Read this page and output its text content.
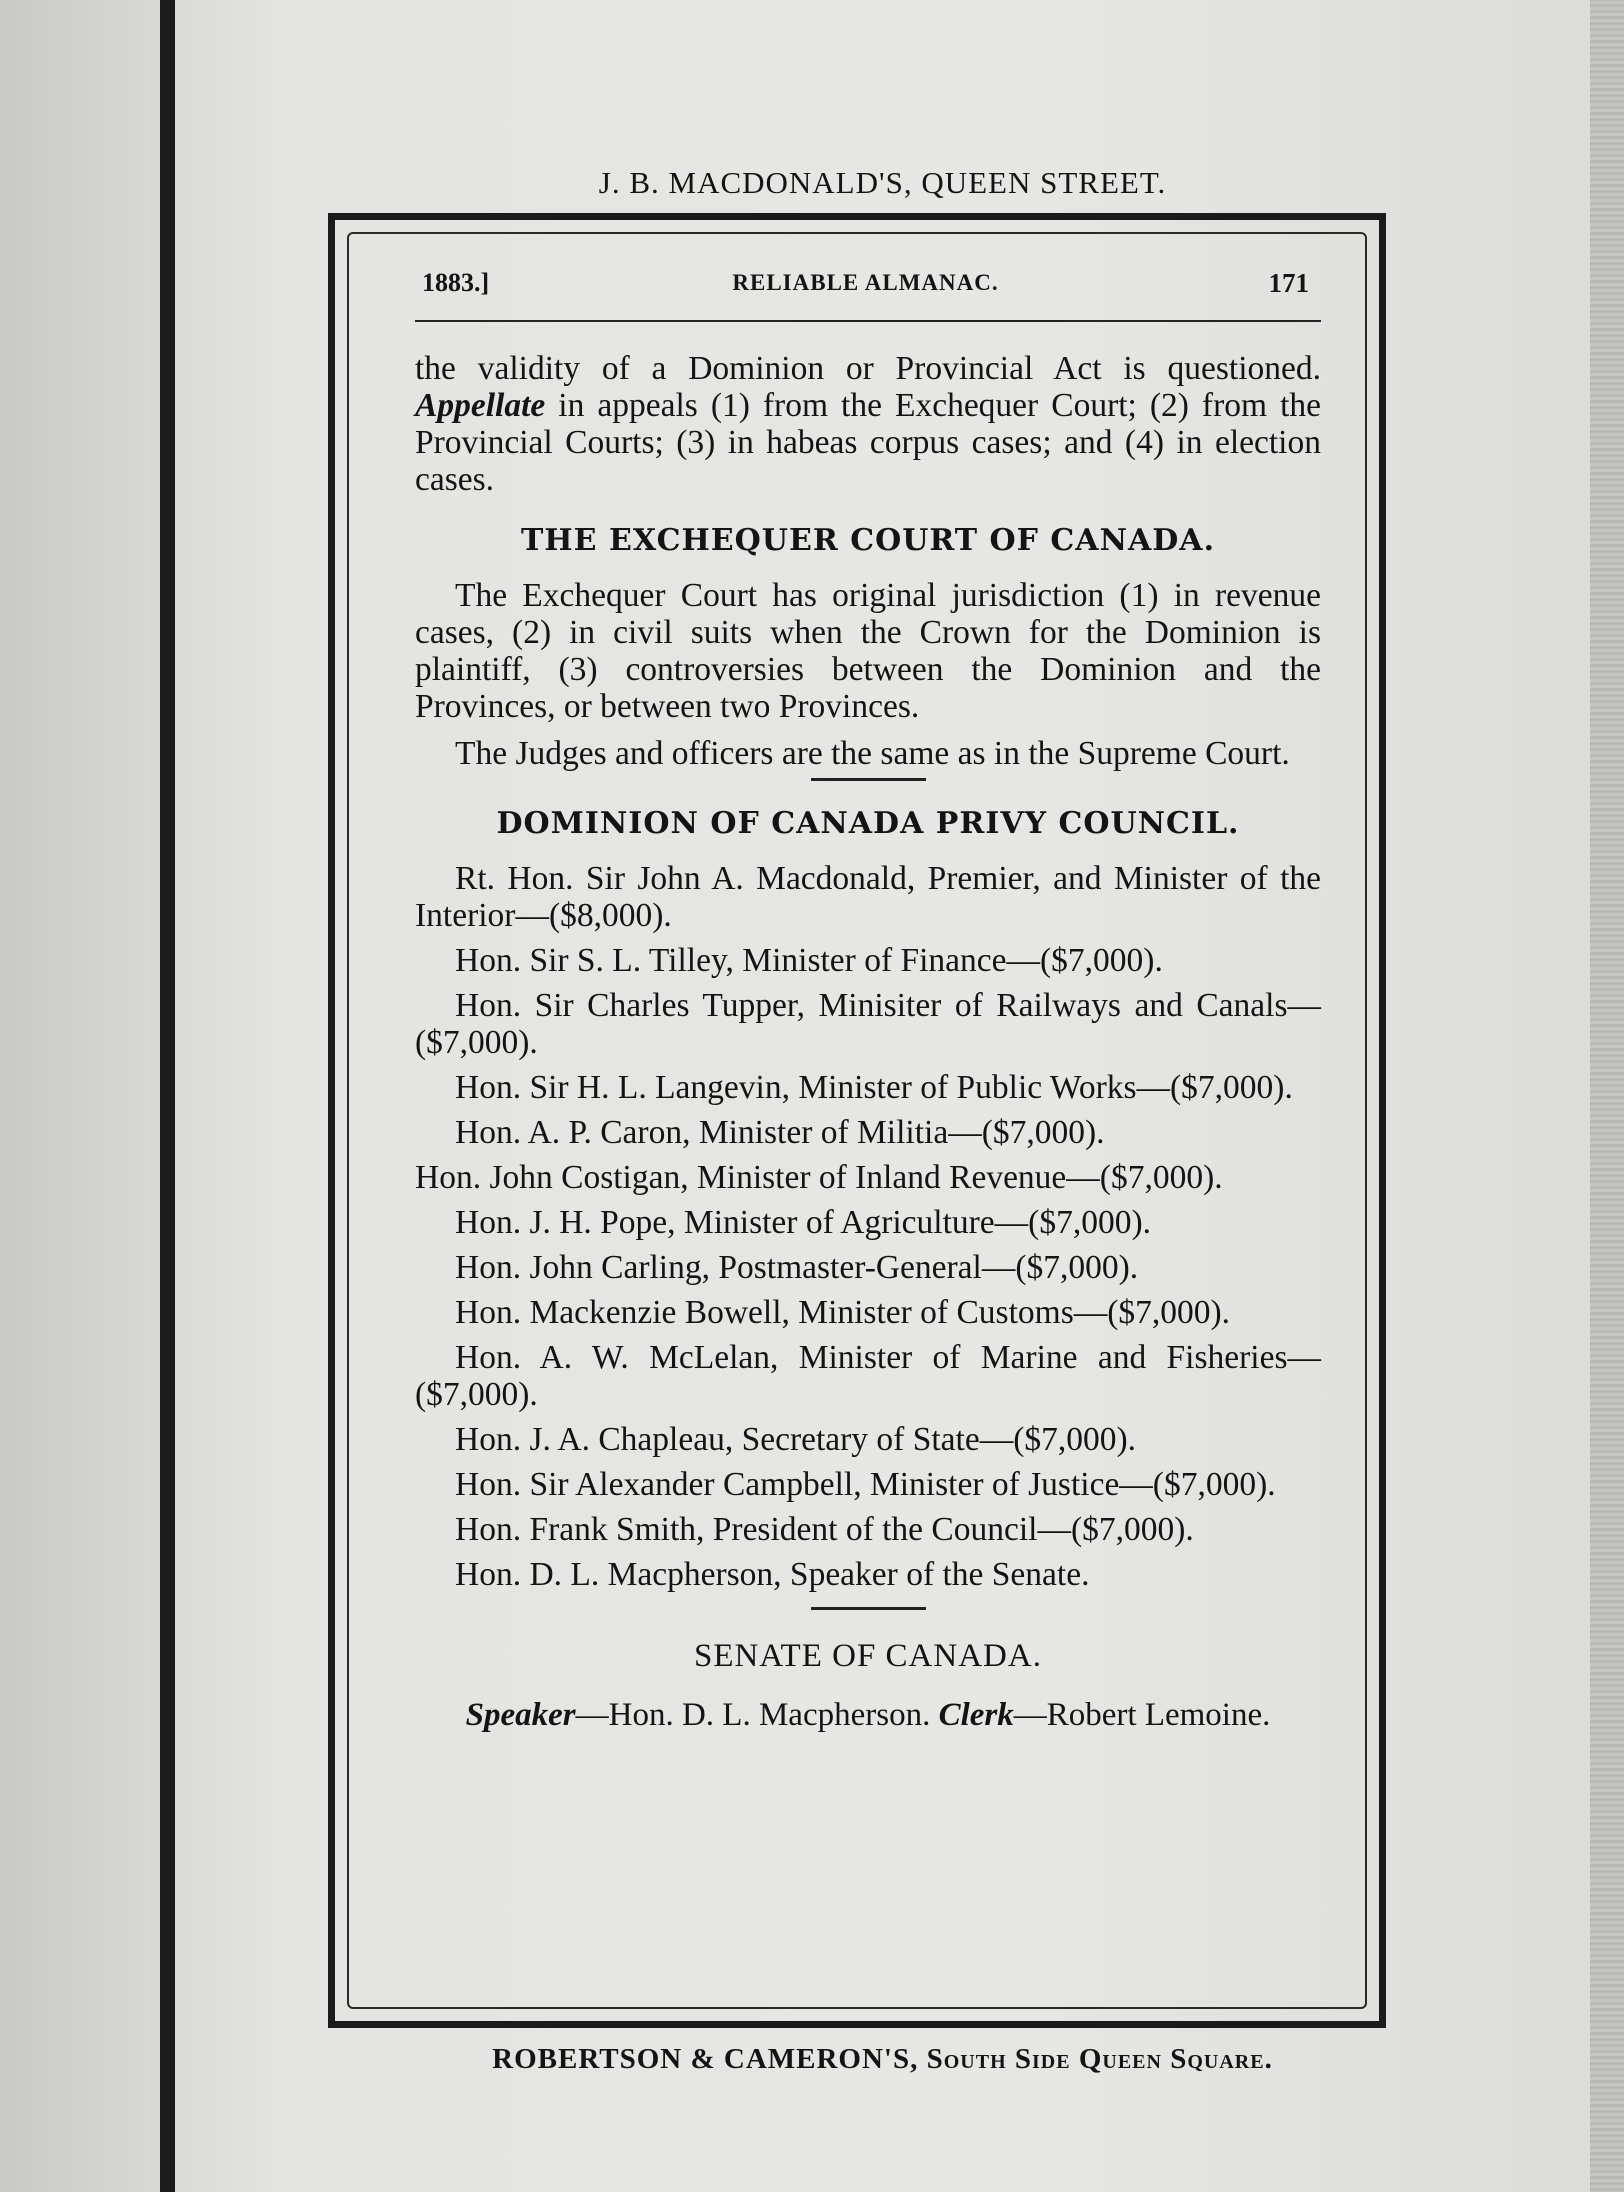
J. B. MACDONALD'S, QUEEN STREET.
1883.]	RELIABLE ALMANAC.	171

the validity of a Dominion or Provincial Act is questioned. Appellate in appeals (1) from the Exchequer Court; (2) from the Provincial Courts; (3) in habeas corpus cases; and (4) in election cases.

THE EXCHEQUER COURT OF CANADA.

The Exchequer Court has original jurisdiction (1) in revenue cases, (2) in civil suits when the Crown for the Dominion is plaintiff, (3) controversies between the Dominion and the Provinces, or between two Provinces.

The Judges and officers are the same as in the Supreme Court.

DOMINION OF CANADA PRIVY COUNCIL.

Rt. Hon. Sir John A. Macdonald, Premier, and Minister of the Interior—($8,000).

Hon. Sir S. L. Tilley, Minister of Finance—($7,000).

Hon. Sir Charles Tupper, Minisiter of Railways and Canals—($7,000).

Hon. Sir H. L. Langevin, Minister of Public Works—($7,000).

Hon. A. P. Caron, Minister of Militia—($7,000).

Hon. John Costigan, Minister of Inland Revenue—($7,000).

Hon. J. H. Pope, Minister of Agriculture—($7,000).

Hon. John Carling, Postmaster-General—($7,000).

Hon. Mackenzie Bowell, Minister of Customs—($7,000).

Hon. A. W. McLelan, Minister of Marine and Fisheries—($7,000).

Hon. J. A. Chapleau, Secretary of State—($7,000).

Hon. Sir Alexander Campbell, Minister of Justice—($7,000).

Hon. Frank Smith, President of the Council—($7,000).

Hon. D. L. Macpherson, Speaker of the Senate.

SENATE OF CANADA.
Speaker—Hon. D. L. Macpherson. Clerk—Robert Lemoine.
ROBERTSON & CAMERON'S, South Side Queen Square.
